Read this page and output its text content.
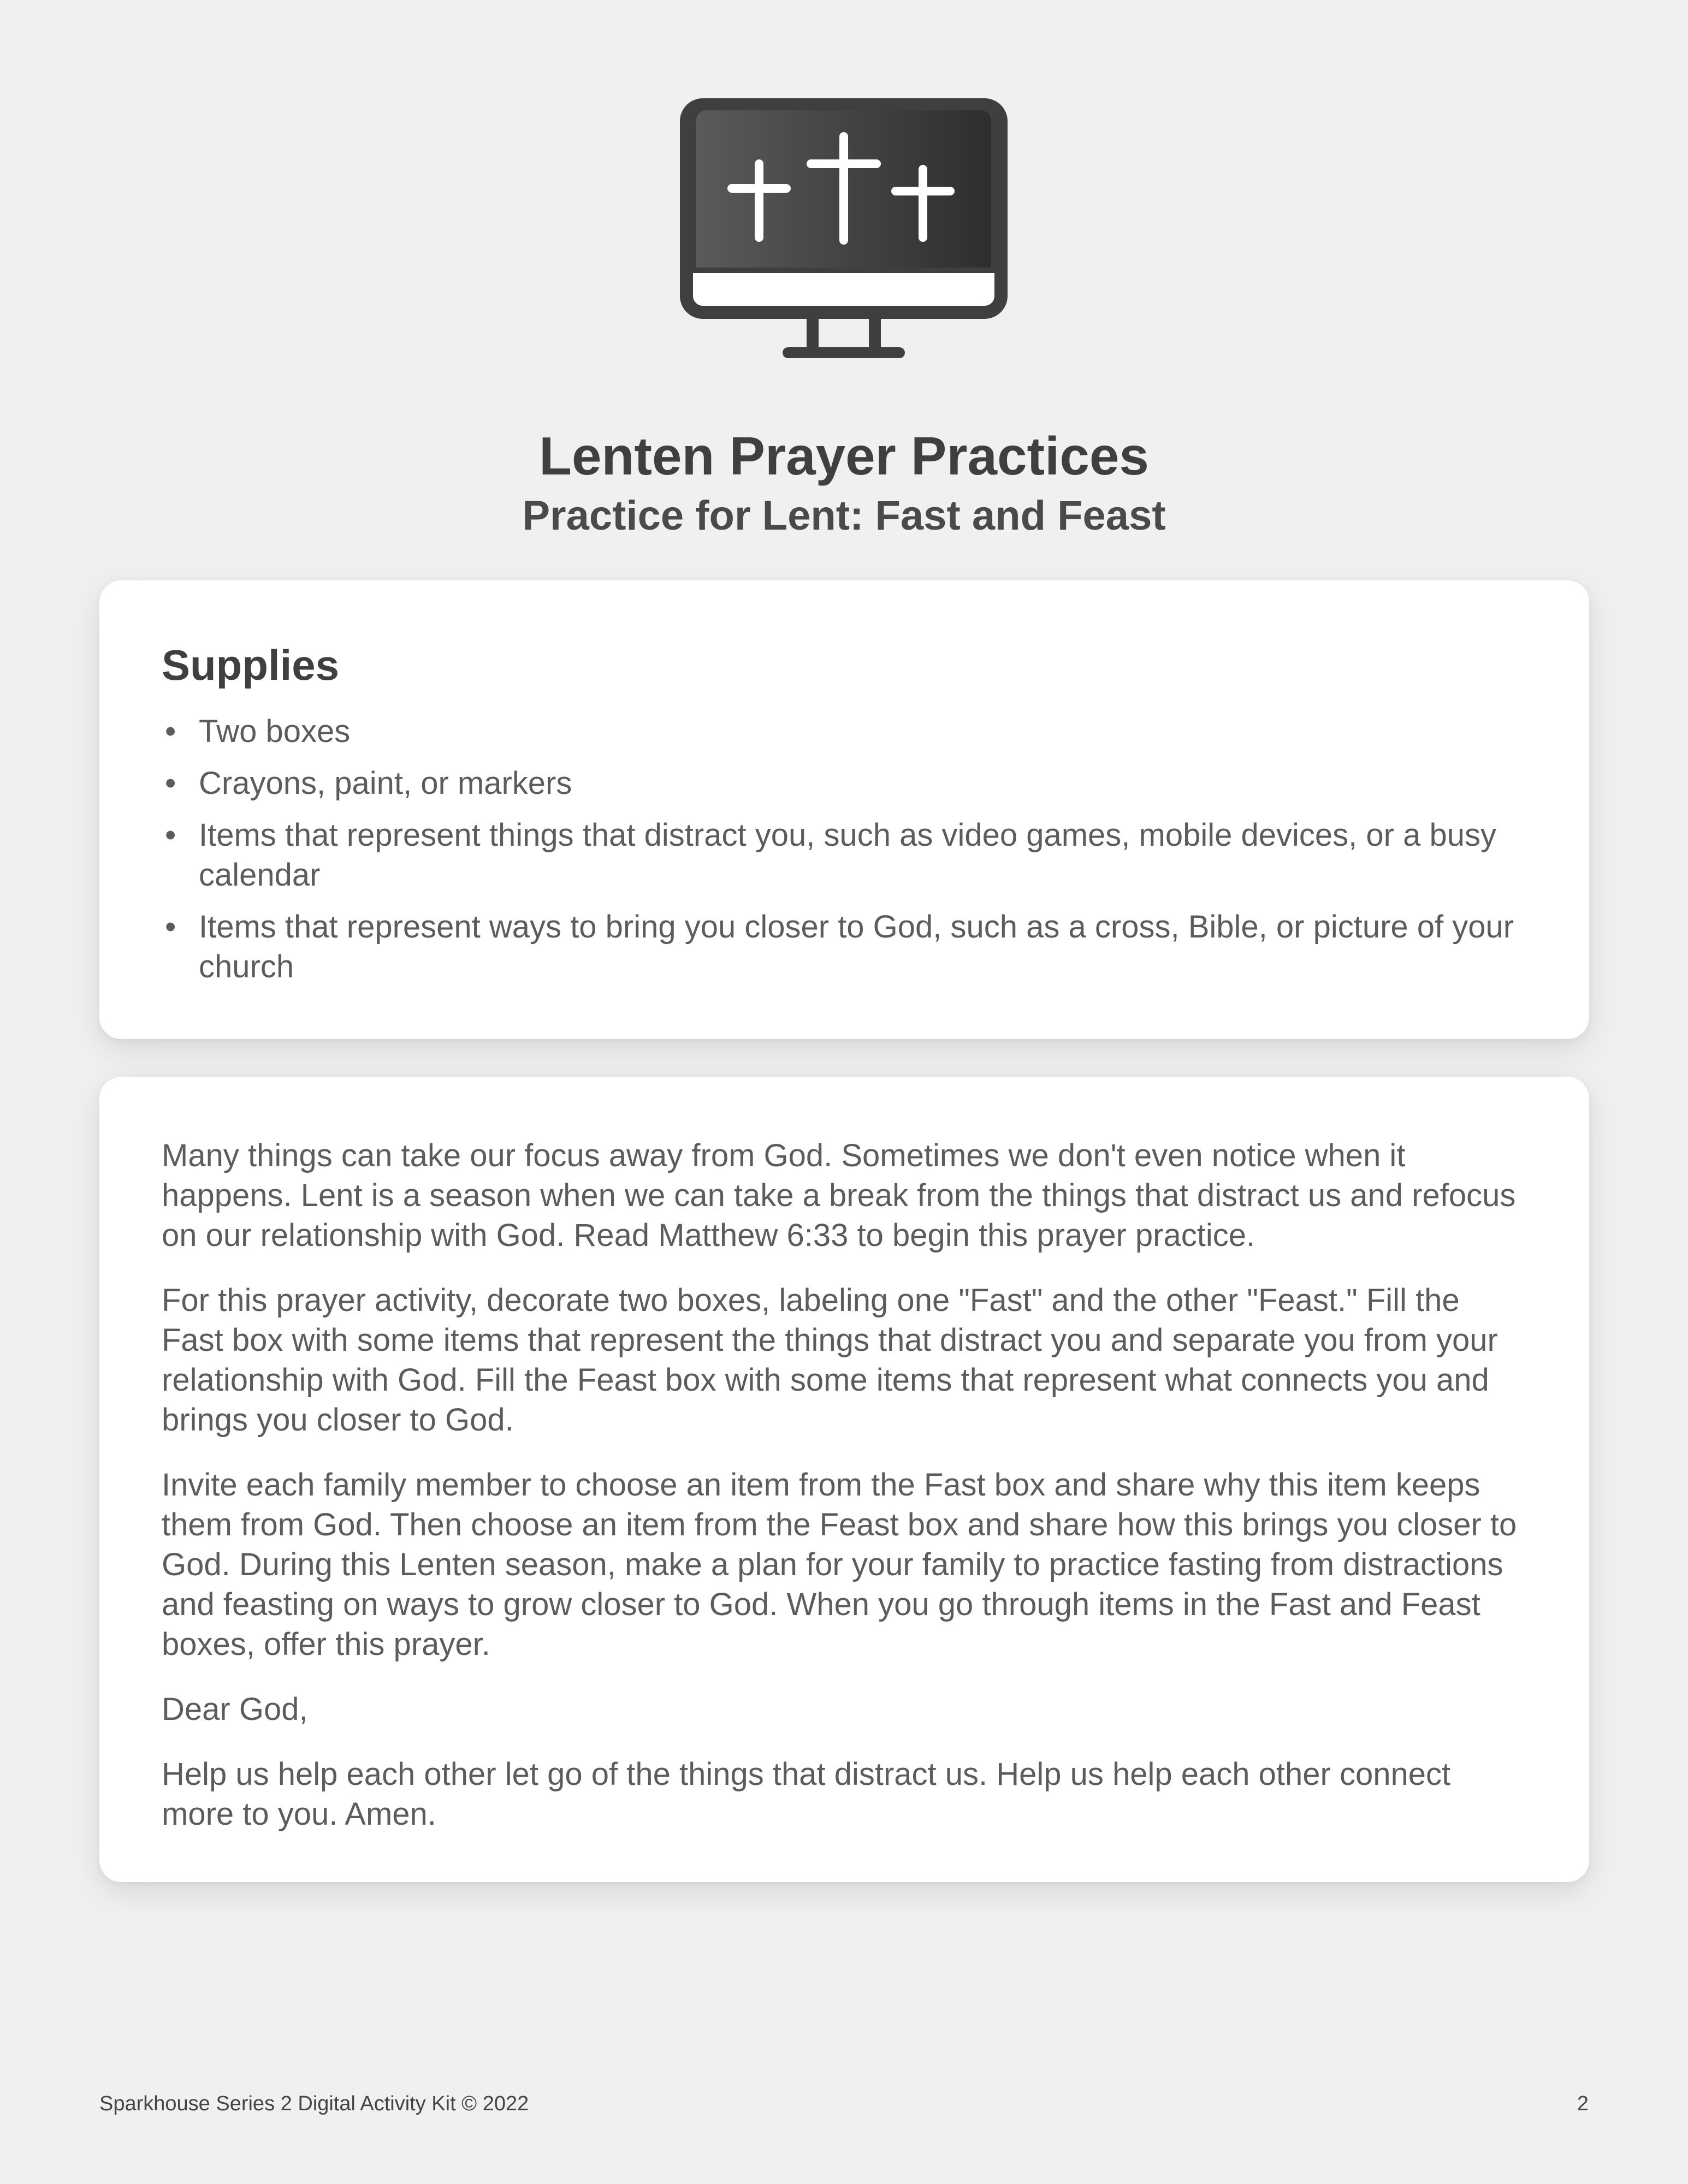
Lenten Prayer Practices
Practice for Lent: Fast and Feast
Supplies
• Two boxes
• Crayons, paint, or markers
• Items that represent things that distract you, such as video games, mobile devices, or a busy calendar
• Items that represent ways to bring you closer to God, such as a cross, Bible, or picture of your church

Many things can take our focus away from God. Sometimes we don't even notice when it happens. Lent is a season when we can take a break from the things that distract us and refocus on our relationship with God. Read Matthew 6:33 to begin this prayer practice.

For this prayer activity, decorate two boxes, labeling one "Fast" and the other "Feast." Fill the Fast box with some items that represent the things that distract you and separate you from your relationship with God. Fill the Feast box with some items that represent what connects you and brings you closer to God.

Invite each family member to choose an item from the Fast box and share why this item keeps them from God. Then choose an item from the Feast box and share how this brings you closer to God. During this Lenten season, make a plan for your family to practice fasting from distractions and feasting on ways to grow closer to God. When you go through items in the Fast and Feast boxes, offer this prayer.

Dear God,

Help us help each other let go of the things that distract us. Help us help each other connect more to you. Amen.

Sparkhouse Series 2 Digital Activity Kit © 2022	2
